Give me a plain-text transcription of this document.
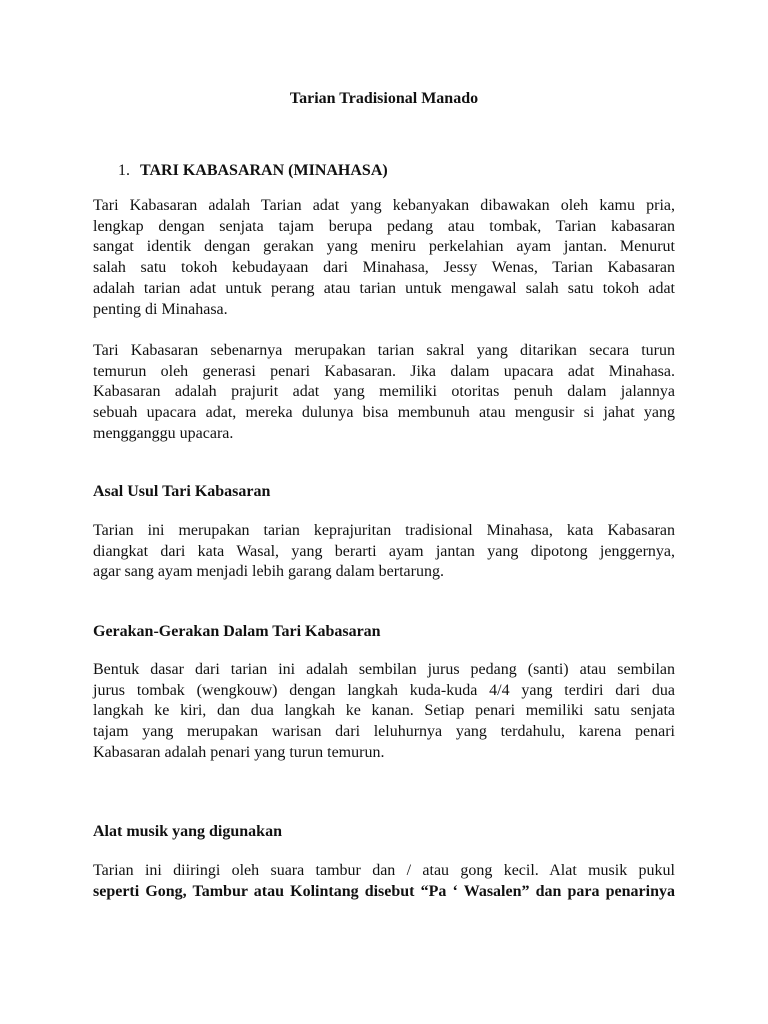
Tarian Tradisional Manado
1. TARI KABASARAN (MINAHASA)
Tari Kabasaran adalah Tarian adat yang kebanyakan dibawakan oleh kamu pria,
lengkap dengan senjata tajam berupa pedang atau tombak, Tarian kabasaran
sangat identik dengan gerakan yang meniru perkelahian ayam jantan. Menurut
salah satu tokoh kebudayaan dari Minahasa, Jessy Wenas, Tarian Kabasaran
adalah tarian adat untuk perang atau tarian untuk mengawal salah satu tokoh adat
penting di Minahasa.
Tari Kabasaran sebenarnya merupakan tarian sakral yang ditarikan secara turun
temurun oleh generasi penari Kabasaran. Jika dalam upacara adat Minahasa.
Kabasaran adalah prajurit adat yang memiliki otoritas penuh dalam jalannya
sebuah upacara adat, mereka dulunya bisa membunuh atau mengusir si jahat yang
mengganggu upacara.
Asal Usul Tari Kabasaran
Tarian ini merupakan tarian keprajuritan tradisional Minahasa, kata Kabasaran
diangkat dari kata Wasal, yang berarti ayam jantan yang dipotong jenggernya,
agar sang ayam menjadi lebih garang dalam bertarung.
Gerakan-Gerakan Dalam Tari Kabasaran
Bentuk dasar dari tarian ini adalah sembilan jurus pedang (santi) atau sembilan
jurus tombak (wengkouw) dengan langkah kuda-kuda 4/4 yang terdiri dari dua
langkah ke kiri, dan dua langkah ke kanan. Setiap penari memiliki satu senjata
tajam yang merupakan warisan dari leluhurnya yang terdahulu, karena penari
Kabasaran adalah penari yang turun temurun.
Alat musik yang digunakan
Tarian ini diiringi oleh suara tambur dan / atau gong kecil. Alat musik pukul
seperti Gong, Tambur atau Kolintang disebut “Pa ‘ Wasalen” dan para penarinya
